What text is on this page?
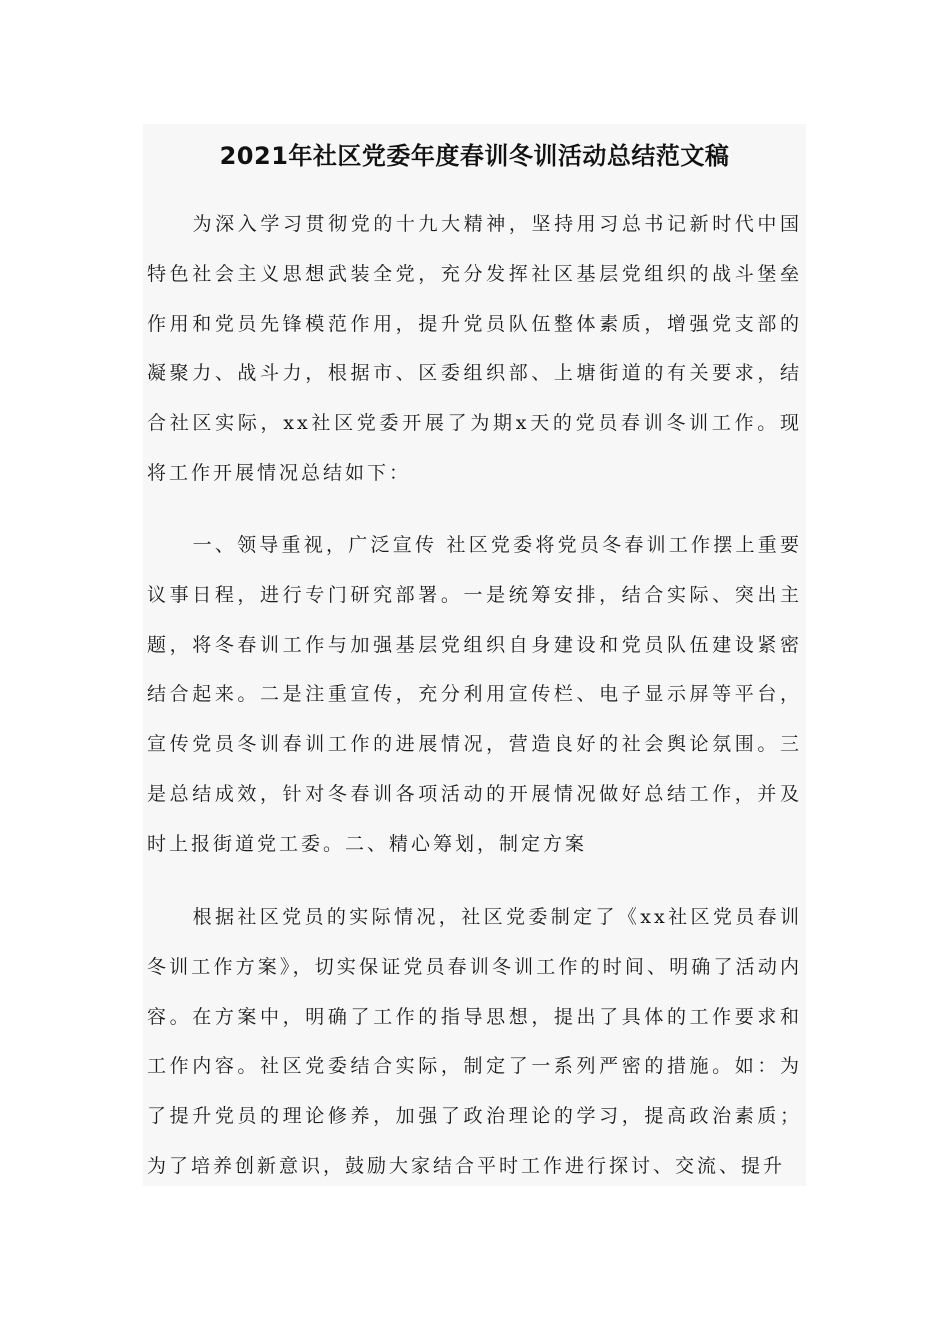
2021年社区党委年度春训冬训活动总结范文稿

为深入学习贯彻党的十九大精神，坚持用习总书记新时代中国特色社会主义思想武装全党，充分发挥社区基层党组织的战斗堡垒作用和党员先锋模范作用，提升党员队伍整体素质，增强党支部的凝聚力、战斗力，根据市、区委组织部、上塘街道的有关要求，结合社区实际，xx社区党委开展了为期x天的党员春训冬训工作。现将工作开展情况总结如下：

一、领导重视，广泛宣传 社区党委将党员冬春训工作摆上重要议事日程，进行专门研究部署。一是统筹安排，结合实际、突出主题，将冬春训工作与加强基层党组织自身建设和党员队伍建设紧密结合起来。二是注重宣传，充分利用宣传栏、电子显示屏等平台，宣传党员冬训春训工作的进展情况，营造良好的社会舆论氛围。三是总结成效，针对冬春训各项活动的开展情况做好总结工作，并及时上报街道党工委。二、精心筹划，制定方案

根据社区党员的实际情况，社区党委制定了《xx社区党员春训冬训工作方案》，切实保证党员春训冬训工作的时间、明确了活动内容。在方案中，明确了工作的指导思想，提出了具体的工作要求和工作内容。社区党委结合实际，制定了一系列严密的措施。如：为了提升党员的理论修养，加强了政治理论的学习，提高政治素质；为了培养创新意识，鼓励大家结合平时工作进行探讨、交流、提升
